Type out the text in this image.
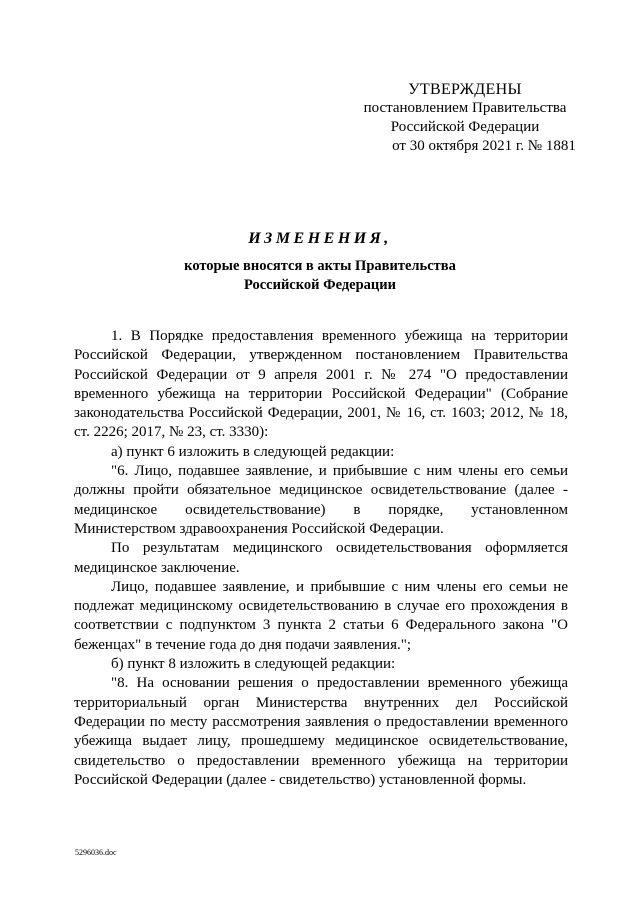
УТВЕРЖДЕНЫ
постановлением Правительства
Российской Федерации
от 30 октября 2021 г. № 1881
ИЗМЕНЕНИЯ,
которые вносятся в акты Правительства
Российской Федерации

1. В Порядке предоставления временного убежища на территории Российской Федерации, утвержденном постановлением Правительства Российской Федерации от 9 апреля 2001 г. № 274 "О предоставлении временного убежища на территории Российской Федерации" (Собрание законодательства Российской Федерации, 2001, № 16, ст. 1603; 2012, № 18, ст. 2226; 2017, № 23, ст. 3330):

а) пункт 6 изложить в следующей редакции:

"6. Лицо, подавшее заявление, и прибывшие с ним члены его семьи должны пройти обязательное медицинское освидетельствование (далее - медицинское освидетельствование) в порядке, установленном Министерством здравоохранения Российской Федерации.

По результатам медицинского освидетельствования оформляется медицинское заключение.

Лицо, подавшее заявление, и прибывшие с ним члены его семьи не подлежат медицинскому освидетельствованию в случае его прохождения в соответствии с подпунктом 3 пункта 2 статьи 6 Федерального закона "О беженцах" в течение года до дня подачи заявления.";

б) пункт 8 изложить в следующей редакции:

"8. На основании решения о предоставлении временного убежища территориальный орган Министерства внутренних дел Российской Федерации по месту рассмотрения заявления о предоставлении временного убежища выдает лицу, прошедшему медицинское освидетельствование, свидетельство о предоставлении временного убежища на территории Российской Федерации (далее - свидетельство) установленной формы.

5296036.doc
